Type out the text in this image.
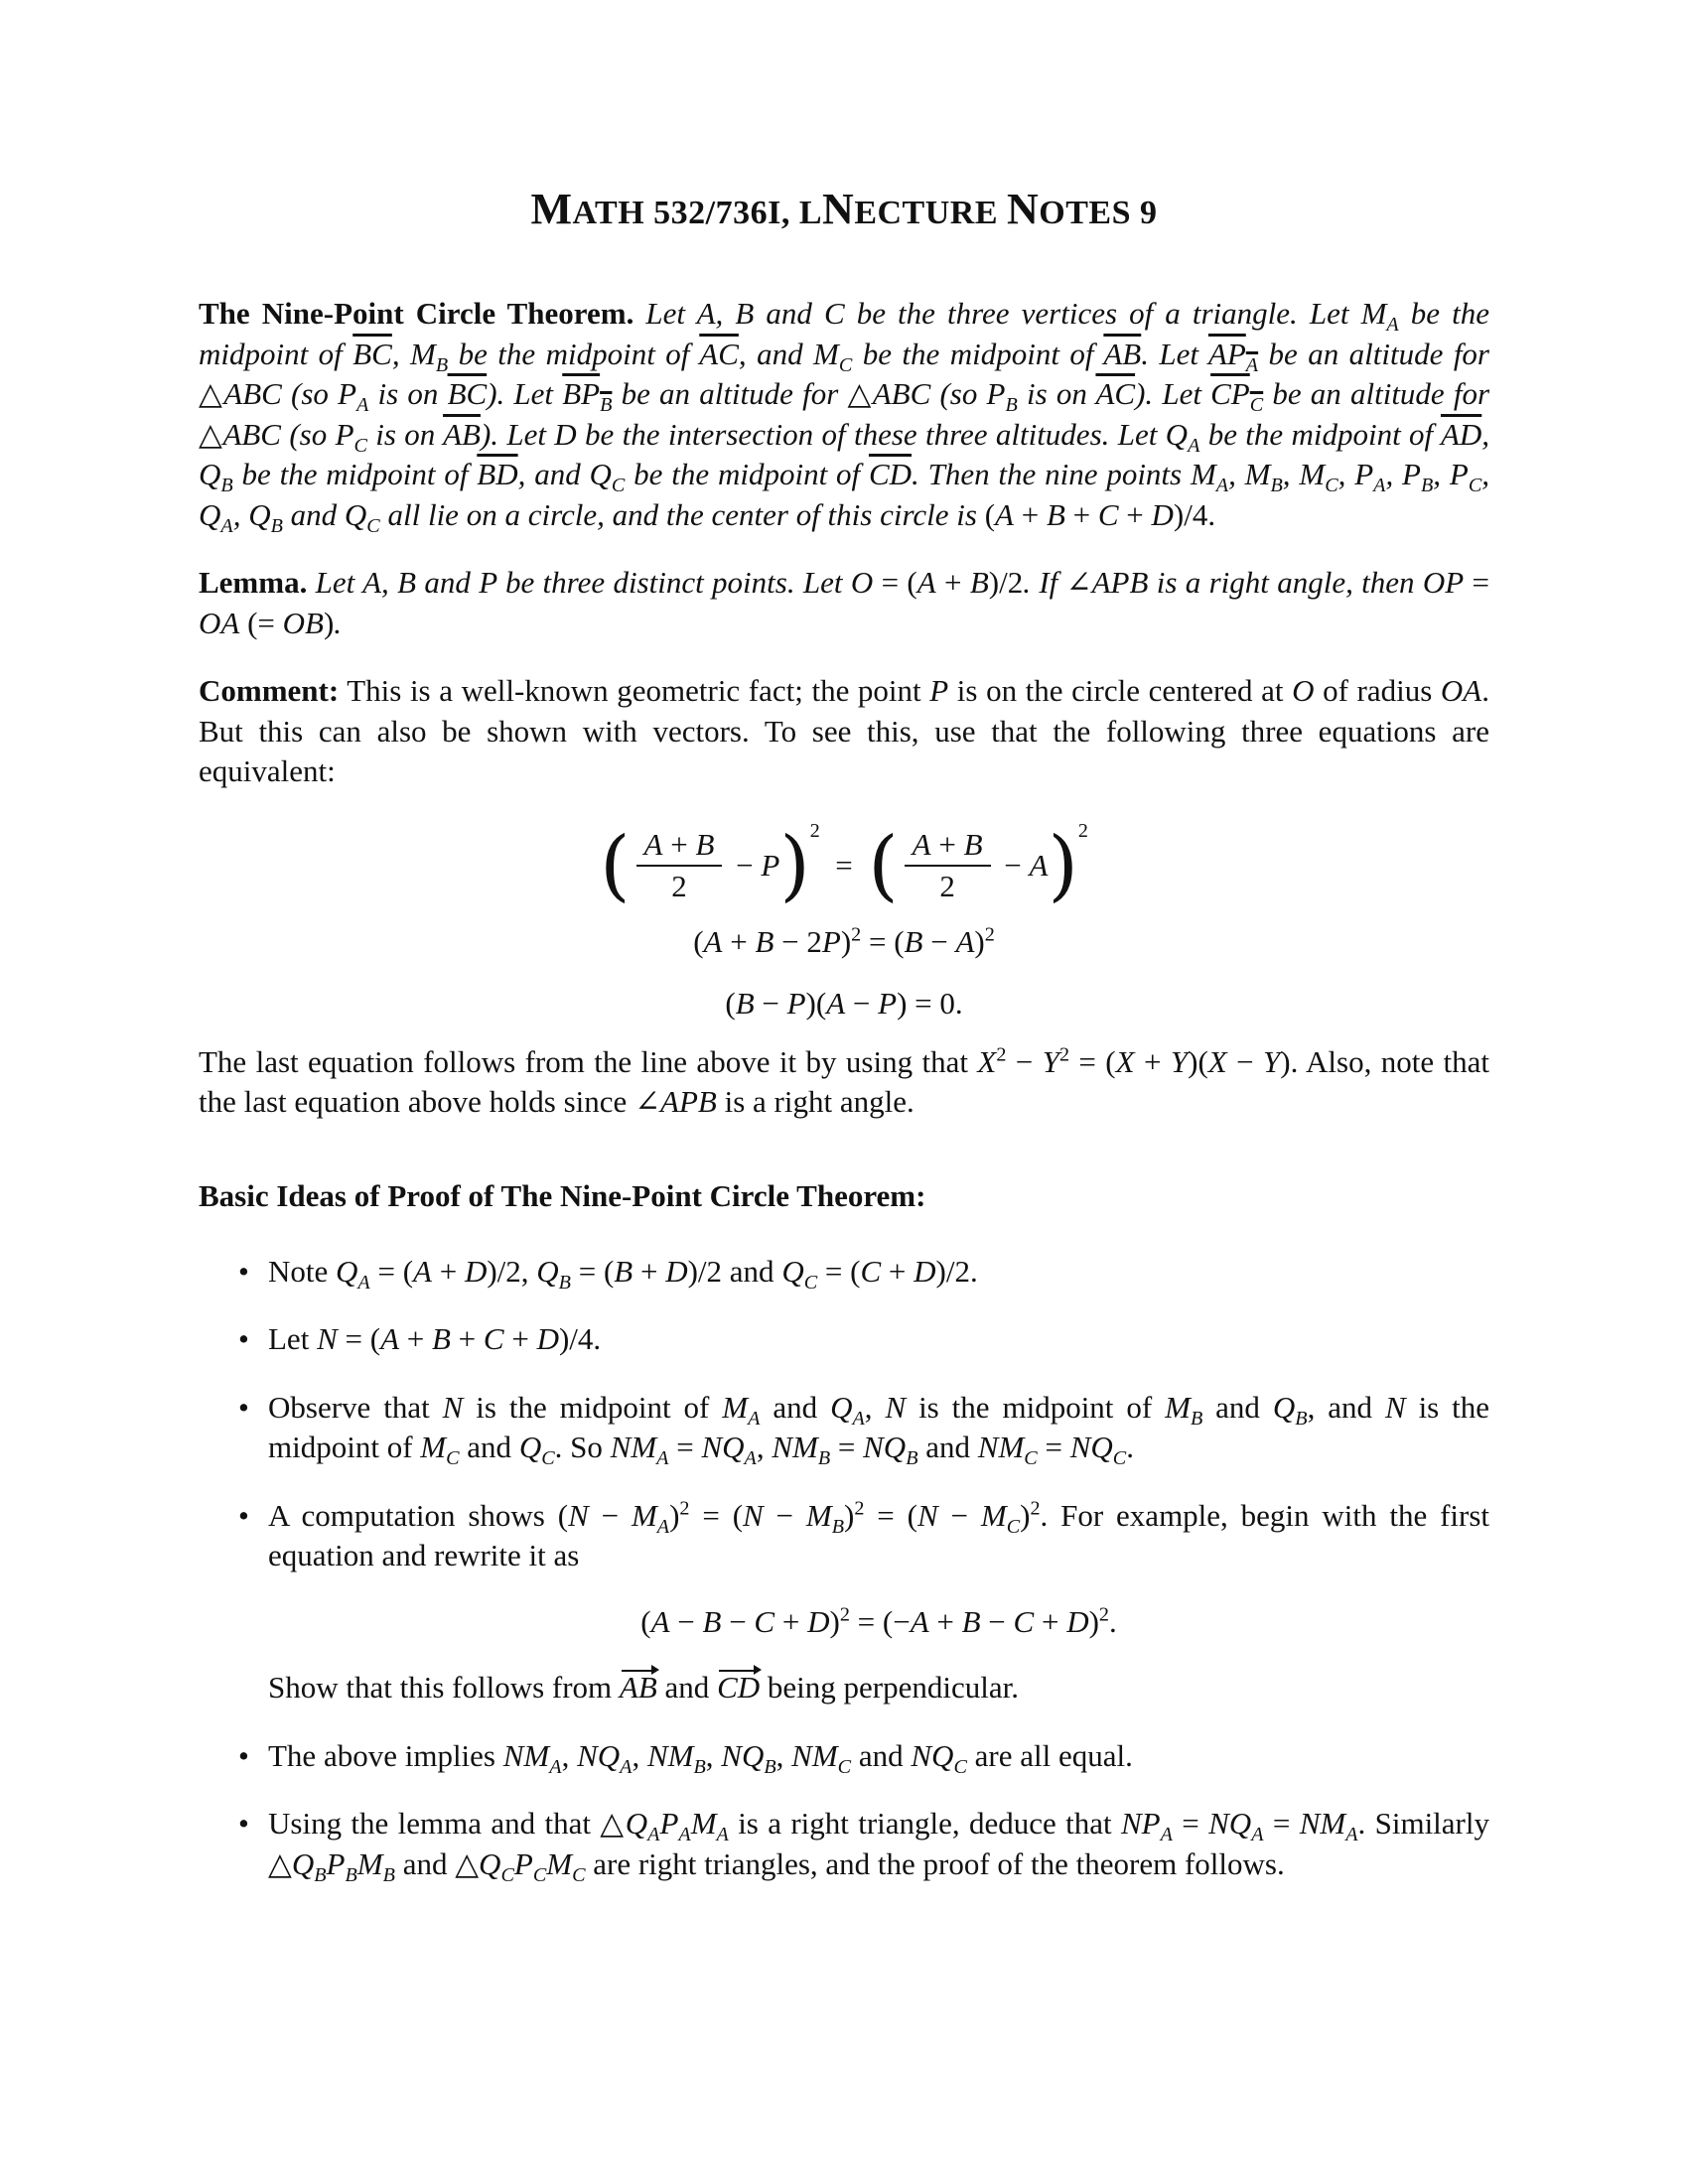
MATH 532/736I, LNECTURE NOTES 9

The Nine-Point Circle Theorem. Let A, B and C be the three vertices of a triangle. Let $M_A$ be the midpoint of $\overline{BC}$, $M_B$ be the midpoint of $\overline{AC}$, and $M_C$ be the midpoint of $\overline{AB}$. Let $AP_A$ be an altitude for △ABC (so $P_A$ is on $\overline{BC}$). Let $BP_B$ be an altitude for △ABC (so $P_B$ is on $\overline{AC}$). Let $CP_C$ be an altitude for △ABC (so $P_C$ is on $\overline{AB}$). Let D be the intersection of these three altitudes. Let $Q_A$ be the midpoint of $\overline{AD}$, $Q_B$ be the midpoint of $\overline{BD}$, and $Q_C$ be the midpoint of $\overline{CD}$. Then the nine points $M_A$, $M_B$, $M_C$, $P_A$, $P_B$, $P_C$, $Q_A$, $Q_B$ and $Q_C$ all lie on a circle, and the center of this circle is (A + B + C + D)/4.

Lemma. Let A, B and P be three distinct points. Let O = (A + B)/2. If ∠APB is a right angle, then OP = OA (= OB).

Comment: This is a well-known geometric fact; the point P is on the circle centered at O of radius OA. But this can also be shown with vectors. To see this, use that the following three equations are equivalent:

( $\frac{A + B}{2} - P$ ) 2
= ( $\frac{A + B}{2} - A$ ) 2
$(A + B - 2P)^2 = (B - A)^2$
(B − P)(A − P) = 0.

The last equation follows from the line above it by using that $X^2 - Y^2 = (X + Y)(X - Y)$. Also, note that the last equation above holds since ∠APB is a right angle.

Basic Ideas of Proof of The Nine-Point Circle Theorem:
• Note $Q_A = (A + D)/2$, $Q_B = (B + D)/2$ and $Q_C = (C + D)/2$.
• Let N = (A + B + C + D)/4.
• Observe that N is the midpoint of $M_A$ and $Q_A$, N is the midpoint of $M_B$ and $Q_B$, and N is the midpoint of $M_C$ and $Q_C$. So $NM_A = NQ_A$, $NM_B = NQ_B$ and $NM_C = NQ_C$.
• A computation shows $(N - M_A)^2 = (N - M_B)^2 = (N - M_C)^2$. For example, begin with the first equation and rewrite it as
$(A - B - C + D)^2 = (-A + B - C + D)^2$.
Show that this follows from AB and CD being perpendicular.
• The above implies $NM_A$, $NQ_A$, $NM_B$, $NQ_B$, $NM_C$ and $NQ_C$ are all equal.
• Using the lemma and that $\triangle Q_AP_AM_A$ is a right triangle, deduce that $NP_A = NQ_A = NM_A$. Similarly $\triangle Q_BP_BM_B$ and $\triangle Q_CP_CM_C$ are right triangles, and the proof of the theorem follows.
